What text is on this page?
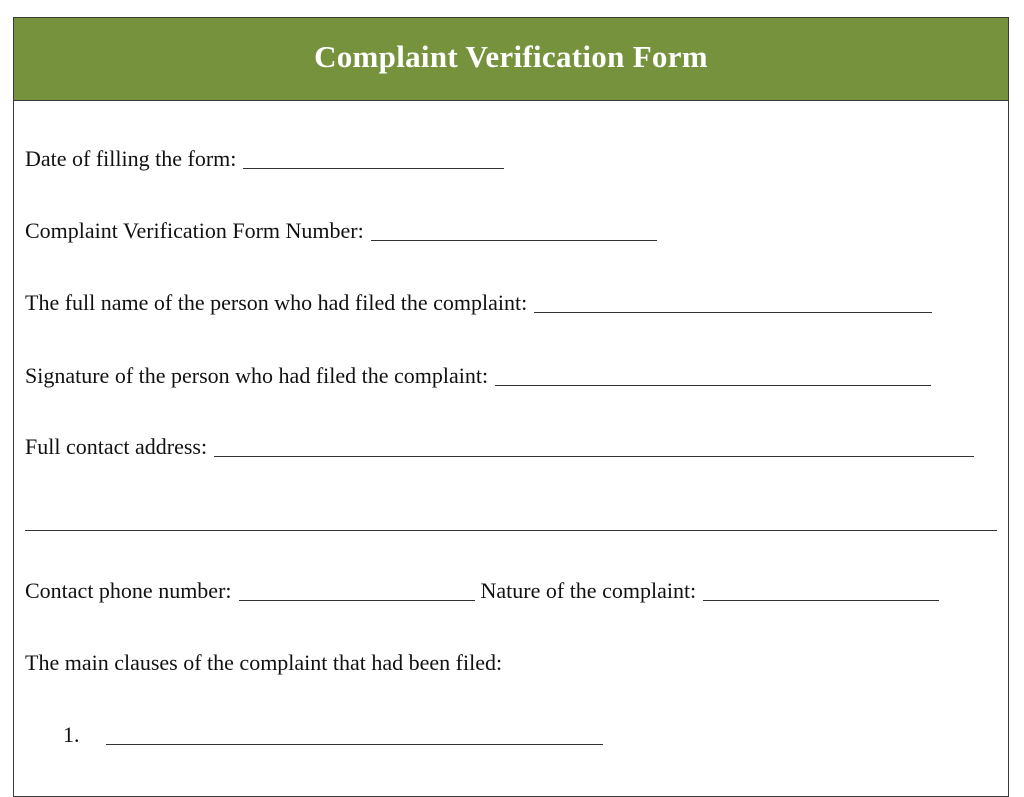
Complaint Verification Form
Date of filling the form:
Complaint Verification Form Number:
The full name of the person who had filed the complaint:
Signature of the person who had filed the complaint:
Full contact address:
Contact phone number:	Nature of the complaint:
The main clauses of the complaint that had been filed:
1.
